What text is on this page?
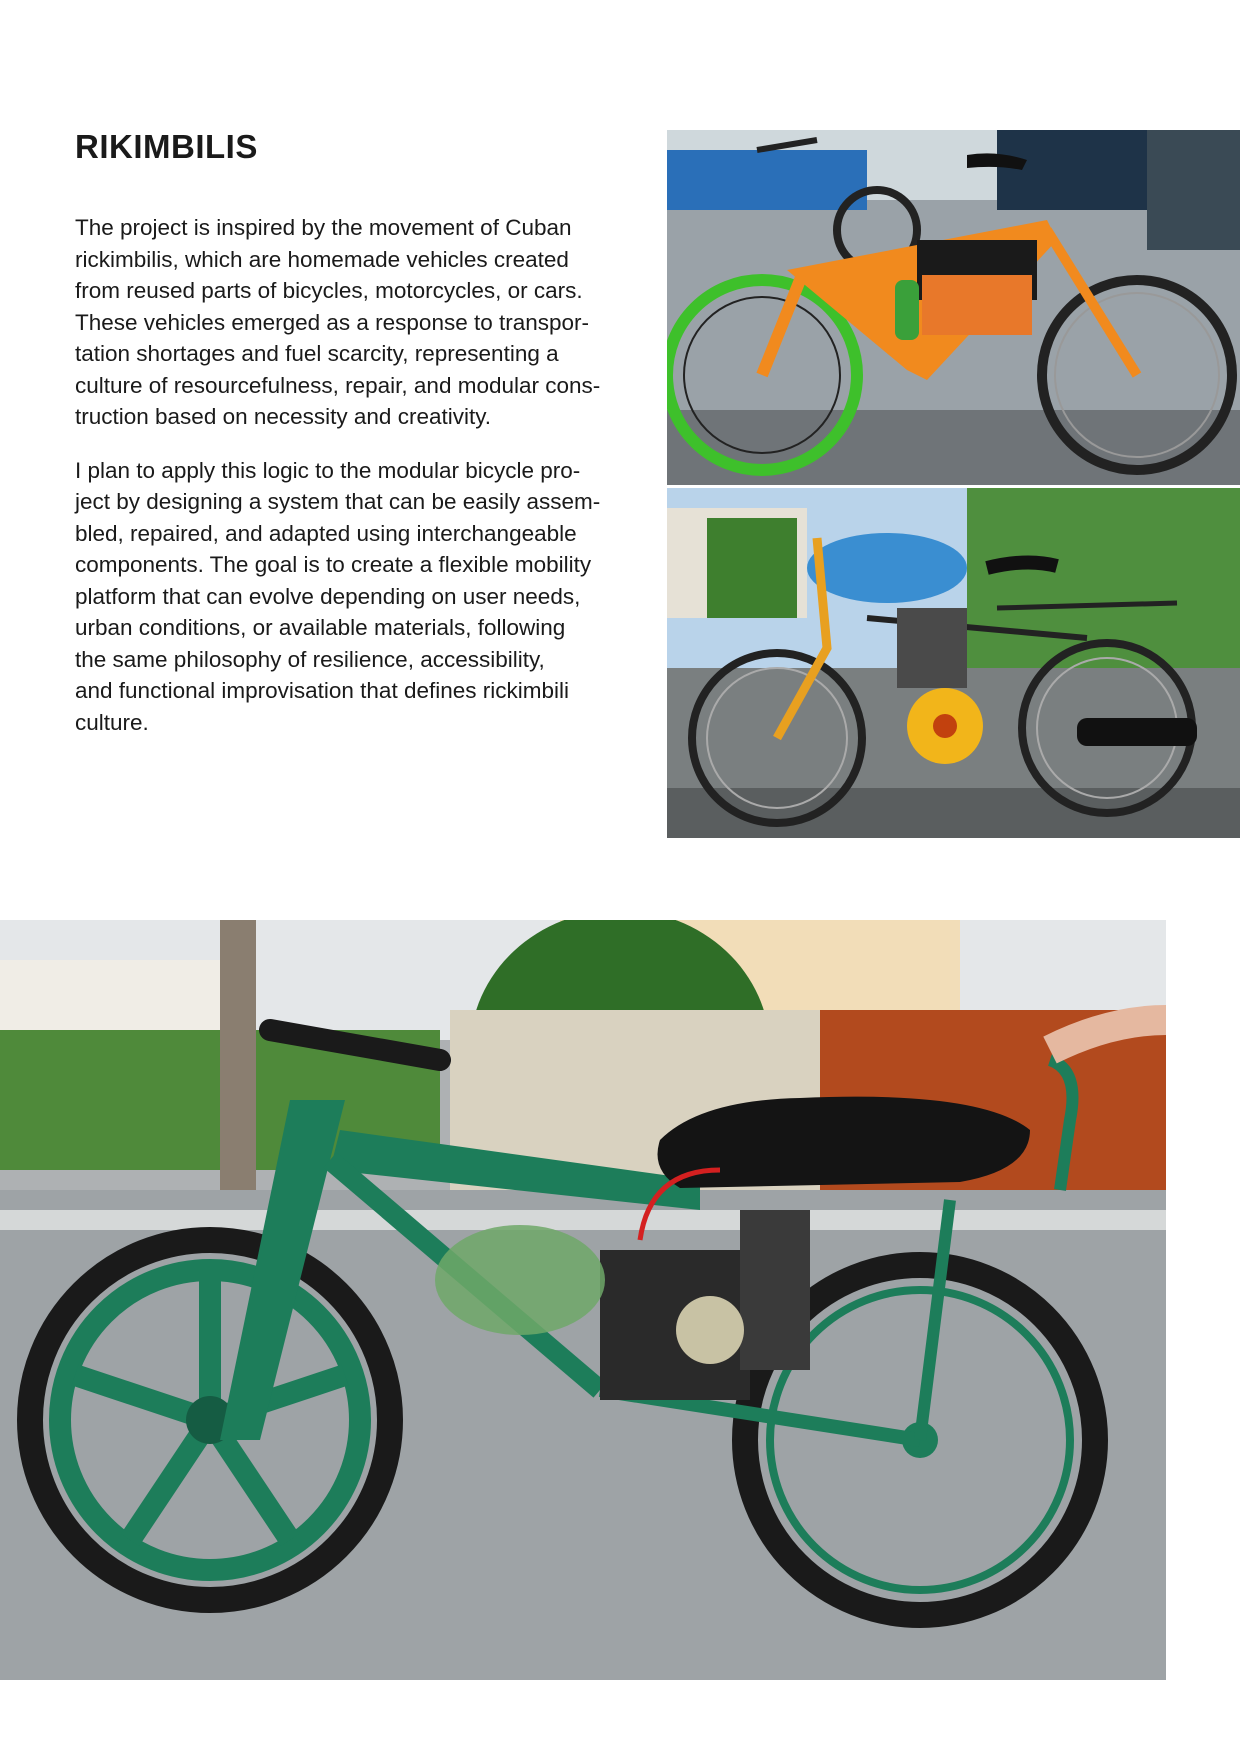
RIKIMBILIS

The project is inspired by the movement of Cuban
rickimbilis, which are homemade vehicles created
from reused parts of bicycles, motorcycles, or cars.
These vehicles emerged as a response to transpor-
tation shortages and fuel scarcity, representing a
culture of resourcefulness, repair, and modular cons-
truction based on necessity and creativity.

I plan to apply this logic to the modular bicycle pro-
ject by designing a system that can be easily assem-
bled, repaired, and adapted using interchangeable
components. The goal is to create a flexible mobility
platform that can evolve depending on user needs,
urban conditions, or available materials, following
the same philosophy of resilience, accessibility,
and functional improvisation that defines rickimbili
culture.
